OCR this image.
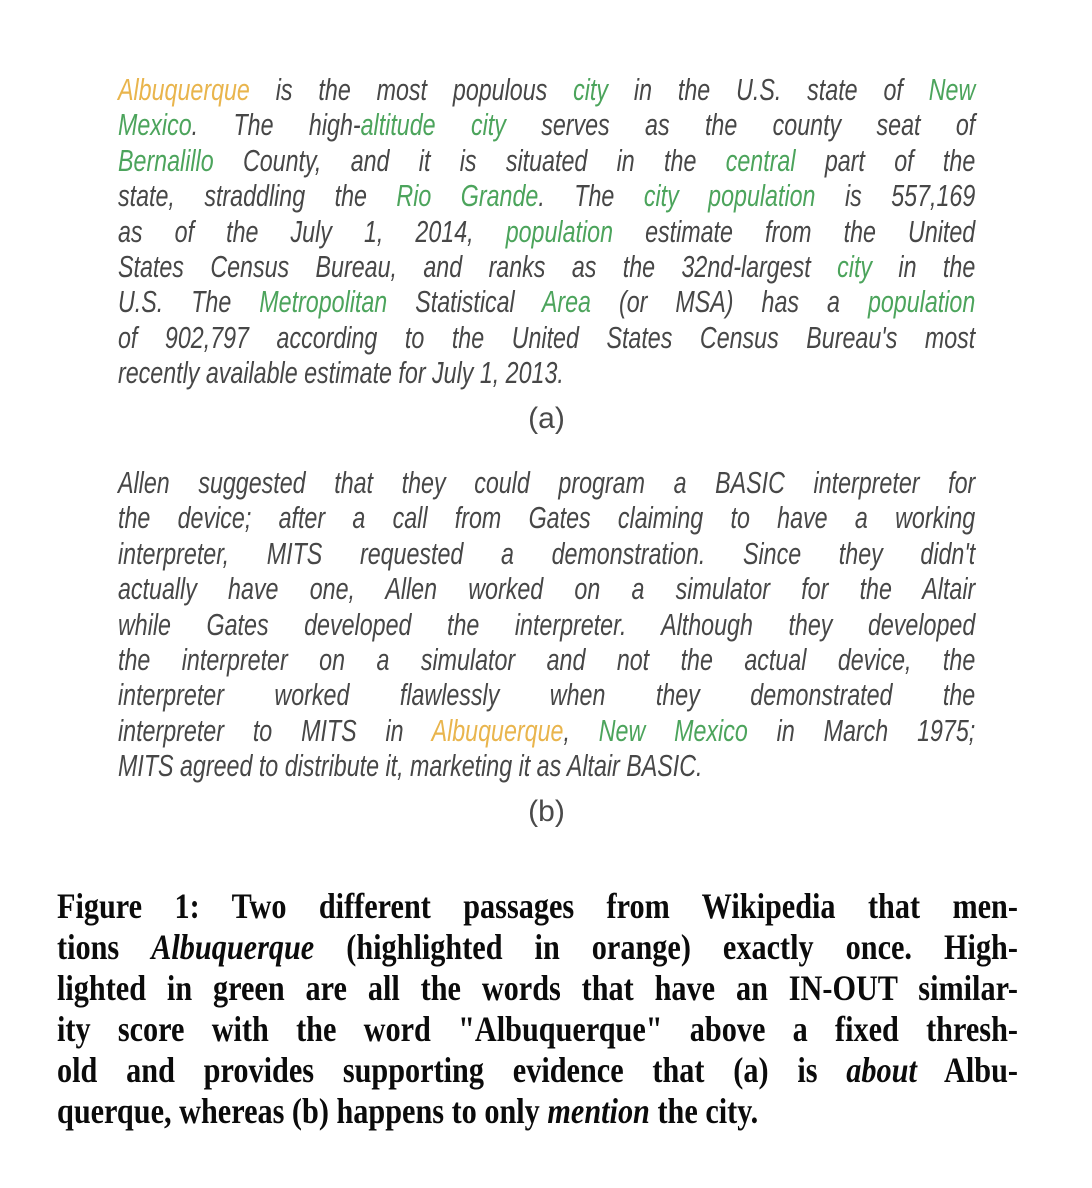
Albuquerque is the most populous city in the U.S. state of New
Mexico. The high-altitude city serves as the county seat of
Bernalillo County, and it is situated in the central part of the
state, straddling the Rio Grande. The city population is 557,169
as of the July 1, 2014, population estimate from the United
States Census Bureau, and ranks as the 32nd-largest city in the
U.S. The Metropolitan Statistical Area (or MSA) has a population
of 902,797 according to the United States Census Bureau's most
recently available estimate for July 1, 2013.
(a)
Allen suggested that they could program a BASIC interpreter for
the device; after a call from Gates claiming to have a working
interpreter, MITS requested a demonstration. Since they didn't
actually have one, Allen worked on a simulator for the Altair
while Gates developed the interpreter. Although they developed
the interpreter on a simulator and not the actual device, the
interpreter worked flawlessly when they demonstrated the
interpreter to MITS in Albuquerque, New Mexico in March 1975;
MITS agreed to distribute it, marketing it as Altair BASIC.
(b)
Figure 1: Two different passages from Wikipedia that men-
tions Albuquerque (highlighted in orange) exactly once. High-
lighted in green are all the words that have an IN-OUT similar-
ity score with the word "Albuquerque" above a fixed thresh-
old and provides supporting evidence that (a) is about Albu-
querque, whereas (b) happens to only mention the city.
